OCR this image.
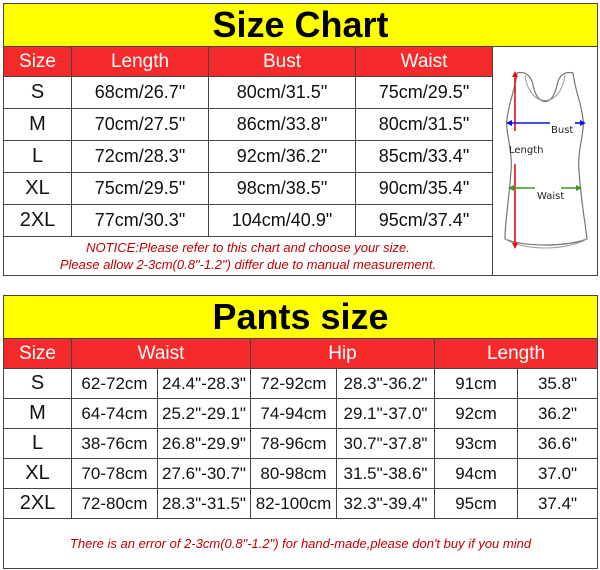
Size Chart				
Size	Length	Bust	Waist	Bust
Length
Waist

S	68cm/26.7"	80cm/31.5"	75cm/29.5"	
M	70cm/27.5"	86cm/33.8"	80cm/31.5"	
L	72cm/28.3"	92cm/36.2"	85cm/33.4"	
XL	75cm/29.5"	98cm/38.5"	90cm/35.4"	
2XL	77cm/30.3"	104cm/40.9"	95cm/37.4"	

NOTICE:Please refer to this chart and choose your size.
Please allow 2-3cm(0.8"-1.2") differ due to manual measurement.				
Pants size						
Size	Waist		Hip		Length	
S	62-72cm	24.4"-28.3"	72-92cm	28.3"-36.2"	91cm	35.8"
M	64-74cm	25.2"-29.1"	74-94cm	29.1"-37.0"	92cm	36.2"
L	38-76cm	26.8"-29.9"	78-96cm	30.7"-37.8"	93cm	36.6"
XL	70-78cm	27.6"-30.7"	80-98cm	31.5"-38.6"	94cm	37.0"
2XL	72-80cm	28.3"-31.5"	82-100cm	32.3"-39.4"	95cm	37.4"
There is an error of 2-3cm(0.8"-1.2") for hand-made,please don't buy if you mind						
